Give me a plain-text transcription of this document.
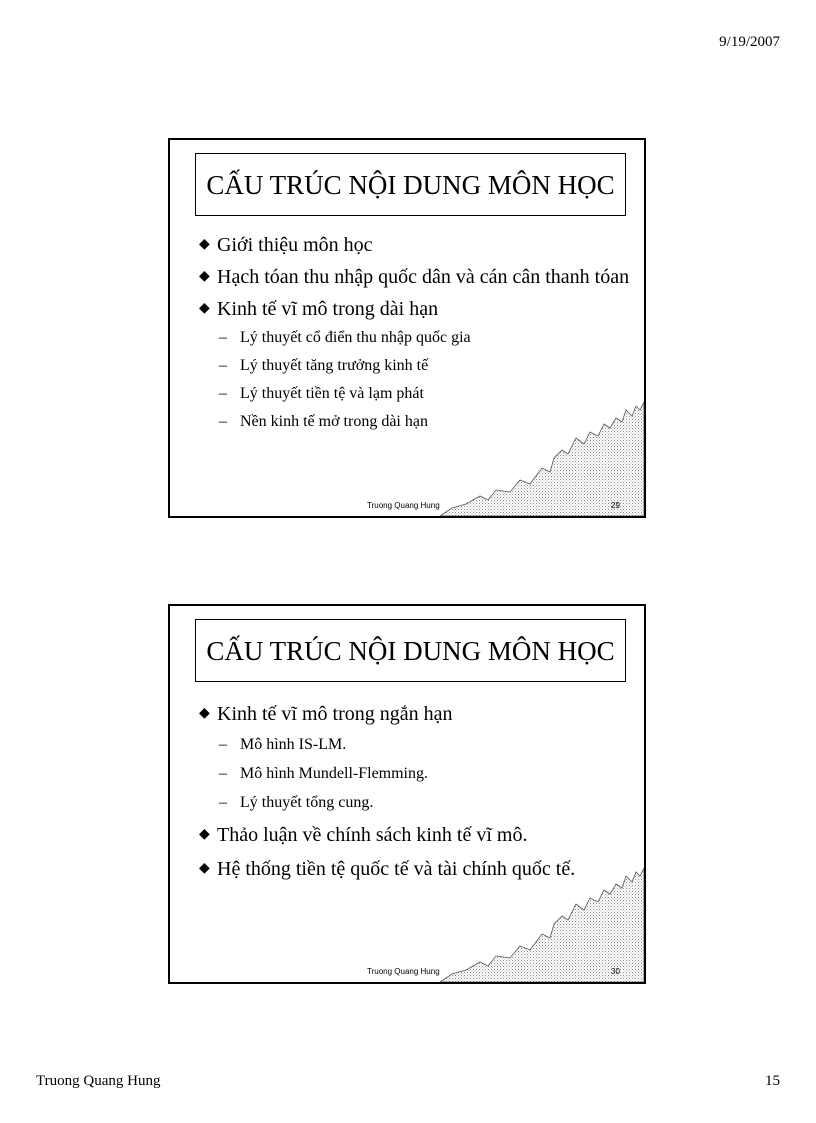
9/19/2007
CẤU TRÚC NỘI DUNG MÔN HỌC
◆ Giới thiệu môn học
◆ Hạch tóan thu nhập quốc dân và cán cân thanh tóan
◆ Kinh tế vĩ mô trong dài hạn
– Lý thuyết cổ điển thu nhập quốc gia
– Lý thuyết tăng trưởng kinh tế
– Lý thuyết tiền tệ và lạm phát
– Nền kinh tế mở trong dài hạn
Truong Quang Hung	29
CẤU TRÚC NỘI DUNG MÔN HỌC
◆ Kinh tế vĩ mô trong ngắn hạn
– Mô hình IS-LM.
– Mô hình Mundell-Flemming.
– Lý thuyết tổng cung.
◆ Thảo luận về chính sách kinh tế vĩ mô.
◆ Hệ thống tiền tệ quốc tế và tài chính quốc tế.
Truong Quang Hung	30
Truong Quang Hung	15
